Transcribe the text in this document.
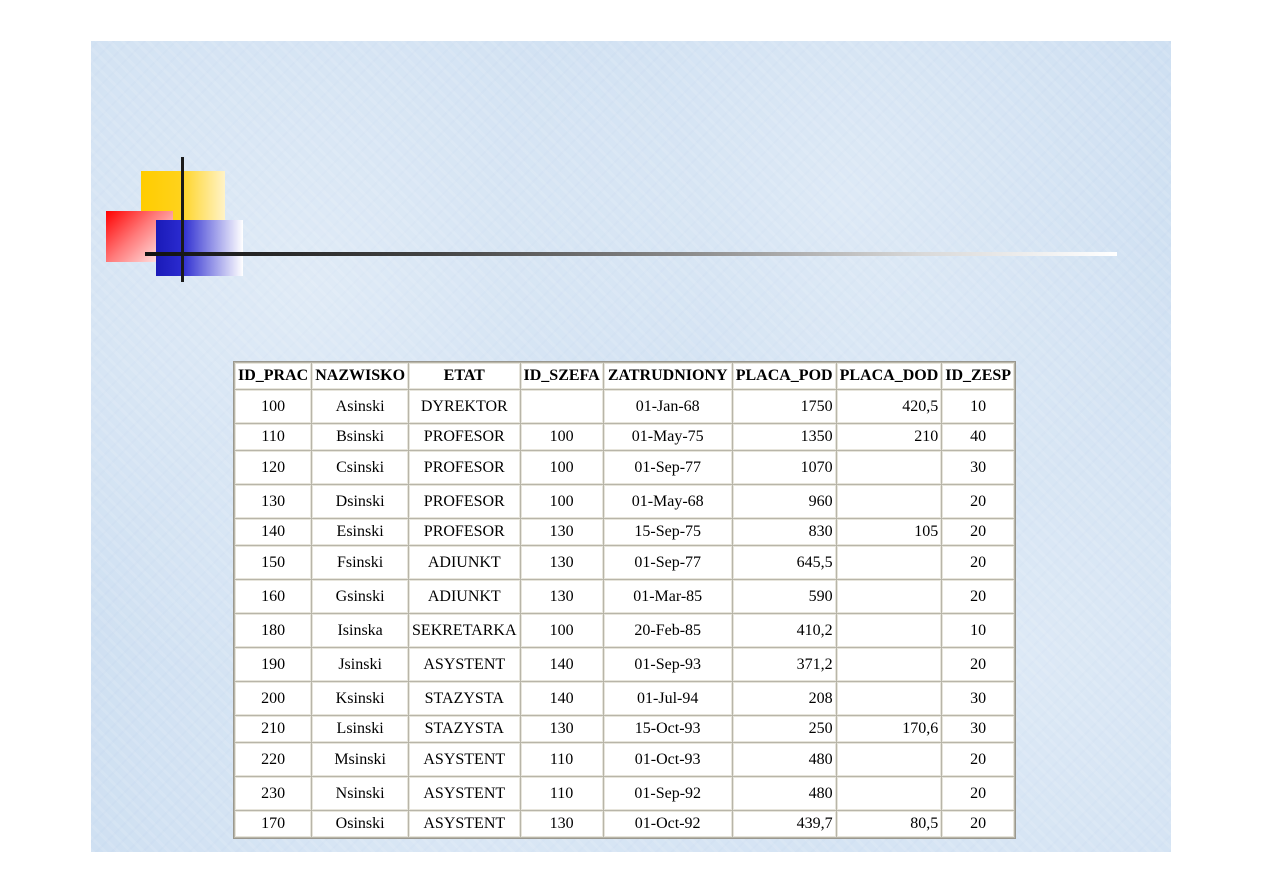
ID_PRAC	NAZWISKO	ETAT	ID_SZEFA	ZATRUDNIONY	PLACA_POD	PLACA_DOD	ID_ZESP
100	Asinski	DYREKTOR		01-Jan-68	1750	420,5	10
110	Bsinski	PROFESOR	100	01-May-75	1350	210	40
120	Csinski	PROFESOR	100	01-Sep-77	1070		30
130	Dsinski	PROFESOR	100	01-May-68	960		20
140	Esinski	PROFESOR	130	15-Sep-75	830	105	20
150	Fsinski	ADIUNKT	130	01-Sep-77	645,5		20
160	Gsinski	ADIUNKT	130	01-Mar-85	590		20
180	Isinska	SEKRETARKA	100	20-Feb-85	410,2		10
190	Jsinski	ASYSTENT	140	01-Sep-93	371,2		20
200	Ksinski	STAZYSTA	140	01-Jul-94	208		30
210	Lsinski	STAZYSTA	130	15-Oct-93	250	170,6	30
220	Msinski	ASYSTENT	110	01-Oct-93	480		20
230	Nsinski	ASYSTENT	110	01-Sep-92	480		20
170	Osinski	ASYSTENT	130	01-Oct-92	439,7	80,5	20
